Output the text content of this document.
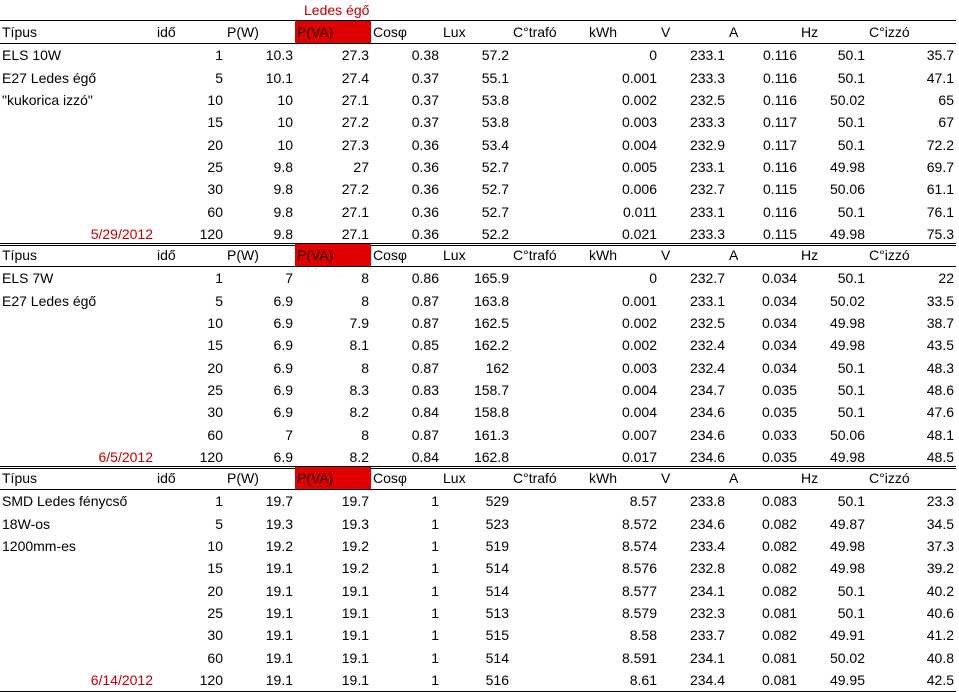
Ledes égő
Típus	idő	P(W)	P(VA)	Cosφ	Lux	C°trafó	kWh	V	A	Hz	C°izzó
ELS 10W	1	10.3	27.3	0.38	57.2		0	233.1	0.116	50.1	35.7
E27 Ledes égő	5	10.1	27.4	0.37	55.1		0.001	233.3	0.116	50.1	47.1
"kukorica izzó"	10	10	27.1	0.37	53.8		0.002	232.5	0.116	50.02	65
	15	10	27.2	0.37	53.8		0.003	233.3	0.117	50.1	67
	20	10	27.3	0.36	53.4		0.004	232.9	0.117	50.1	72.2
	25	9.8	27	0.36	52.7		0.005	233.1	0.116	49.98	69.7
	30	9.8	27.2	0.36	52.7		0.006	232.7	0.115	50.06	61.1
	60	9.8	27.1	0.36	52.7		0.011	233.1	0.116	50.1	76.1
5/29/2012	120	9.8	27.1	0.36	52.2		0.021	233.3	0.115	49.98	75.3
Típus	idő	P(W)	P(VA)	Cosφ	Lux	C°trafó	kWh	V	A	Hz	C°izzó
ELS 7W	1	7	8	0.86	165.9		0	232.7	0.034	50.1	22
E27 Ledes égő	5	6.9	8	0.87	163.8		0.001	233.1	0.034	50.02	33.5
	10	6.9	7.9	0.87	162.5		0.002	232.5	0.034	49.98	38.7
	15	6.9	8.1	0.85	162.2		0.002	232.4	0.034	49.98	43.5
	20	6.9	8	0.87	162		0.003	232.4	0.034	50.1	48.3
	25	6.9	8.3	0.83	158.7		0.004	234.7	0.035	50.1	48.6
	30	6.9	8.2	0.84	158.8		0.004	234.6	0.035	50.1	47.6
	60	7	8	0.87	161.3		0.007	234.6	0.033	50.06	48.1
6/5/2012	120	6.9	8.2	0.84	162.8		0.017	234.6	0.035	49.98	48.5
Típus	idő	P(W)	P(VA)	Cosφ	Lux	C°trafó	kWh	V	A	Hz	C°izzó
SMD Ledes fénycső	1	19.7	19.7	1	529		8.57	233.8	0.083	50.1	23.3
18W-os	5	19.3	19.3	1	523		8.572	234.6	0.082	49.87	34.5
1200mm-es	10	19.2	19.2	1	519		8.574	233.4	0.082	49.98	37.3
	15	19.1	19.2	1	514		8.576	232.8	0.082	49.98	39.2
	20	19.1	19.1	1	514		8.577	234.1	0.082	50.1	40.2
	25	19.1	19.1	1	513		8.579	232.3	0.081	50.1	40.6
	30	19.1	19.1	1	515		8.58	233.7	0.082	49.91	41.2
	60	19.1	19.1	1	514		8.591	234.1	0.081	50.02	40.8
6/14/2012	120	19.1	19.1	1	516		8.61	234.4	0.081	49.95	42.5
